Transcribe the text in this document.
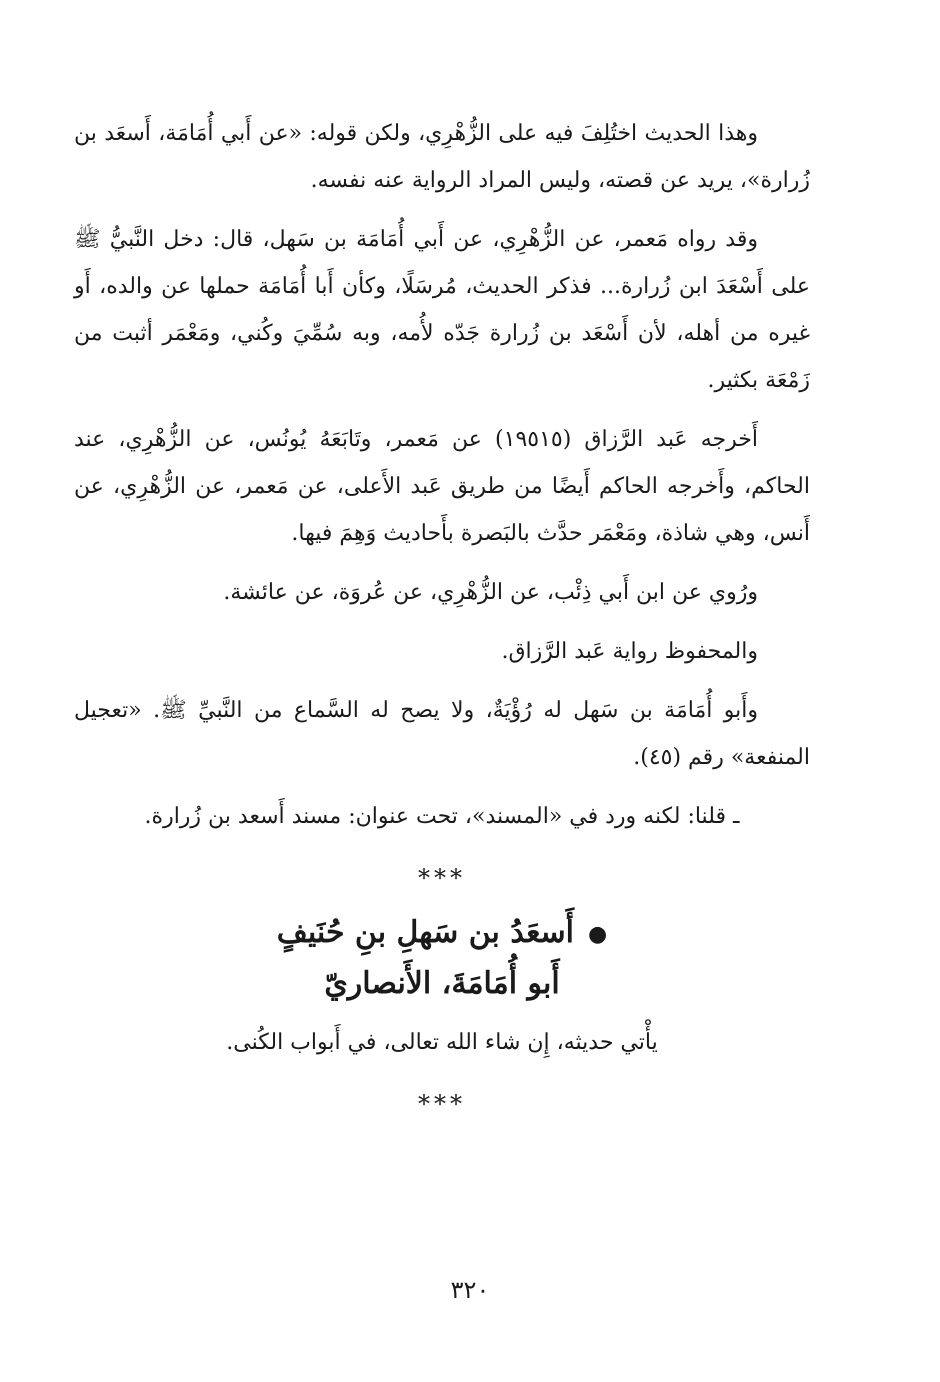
وهذا الحديث اختُلِفَ فيه على الزُّهْرِي، ولكن قوله: «عن أَبي أُمَامَة، أَسعَد بن زُرارة»، يريد عن قصته، وليس المراد الرواية عنه نفسه.

وقد رواه مَعمر، عن الزُّهْرِي، عن أَبي أُمَامَة بن سَهل، قال: دخل النَّبيُّ ﷺ على أَسْعَدَ ابن زُرارة... فذكر الحديث، مُرسَلًا، وكأن أَبا أُمَامَة حملها عن والده، أَو غيره من أهله، لأن أَسْعَد بن زُرارة جَدّه لأُمه، وبه سُمِّيَ وكُني، ومَعْمَر أثبت من زَمْعَة بكثير.

أَخرجه عَبد الرَّزاق (١٩٥١٥) عن مَعمر، وتَابَعَهُ يُونُس، عن الزُّهْرِي، عند الحاكم، وأَخرجه الحاكم أَيضًا من طريق عَبد الأَعلى، عن مَعمر، عن الزُّهْرِي، عن أَنس، وهي شاذة، ومَعْمَر حدَّث بالبَصرة بأَحاديث وَهِمَ فيها.

ورُوي عن ابن أَبي ذِئْب، عن الزُّهْرِي، عن عُروَة، عن عائشة.

والمحفوظ رواية عَبد الرَّزاق.

وأَبو أُمَامَة بن سَهل له رُؤْيَةٌ، ولا يصح له السَّماع من النَّبيِّ ﷺ. «تعجيل المنفعة» رقم (٤٥).

ـ قلنا: لكنه ورد في «المسند»، تحت عنوان: مسند أَسعد بن زُرارة.

***
●أَسعَدُ بن سَهلِ بنِ حُنَيفٍ
أَبو أُمَامَةَ، الأَنصاريّ

يأْتي حديثه، إِن شاء الله تعالى، في أَبواب الكُنى.

***
٣٢٠
